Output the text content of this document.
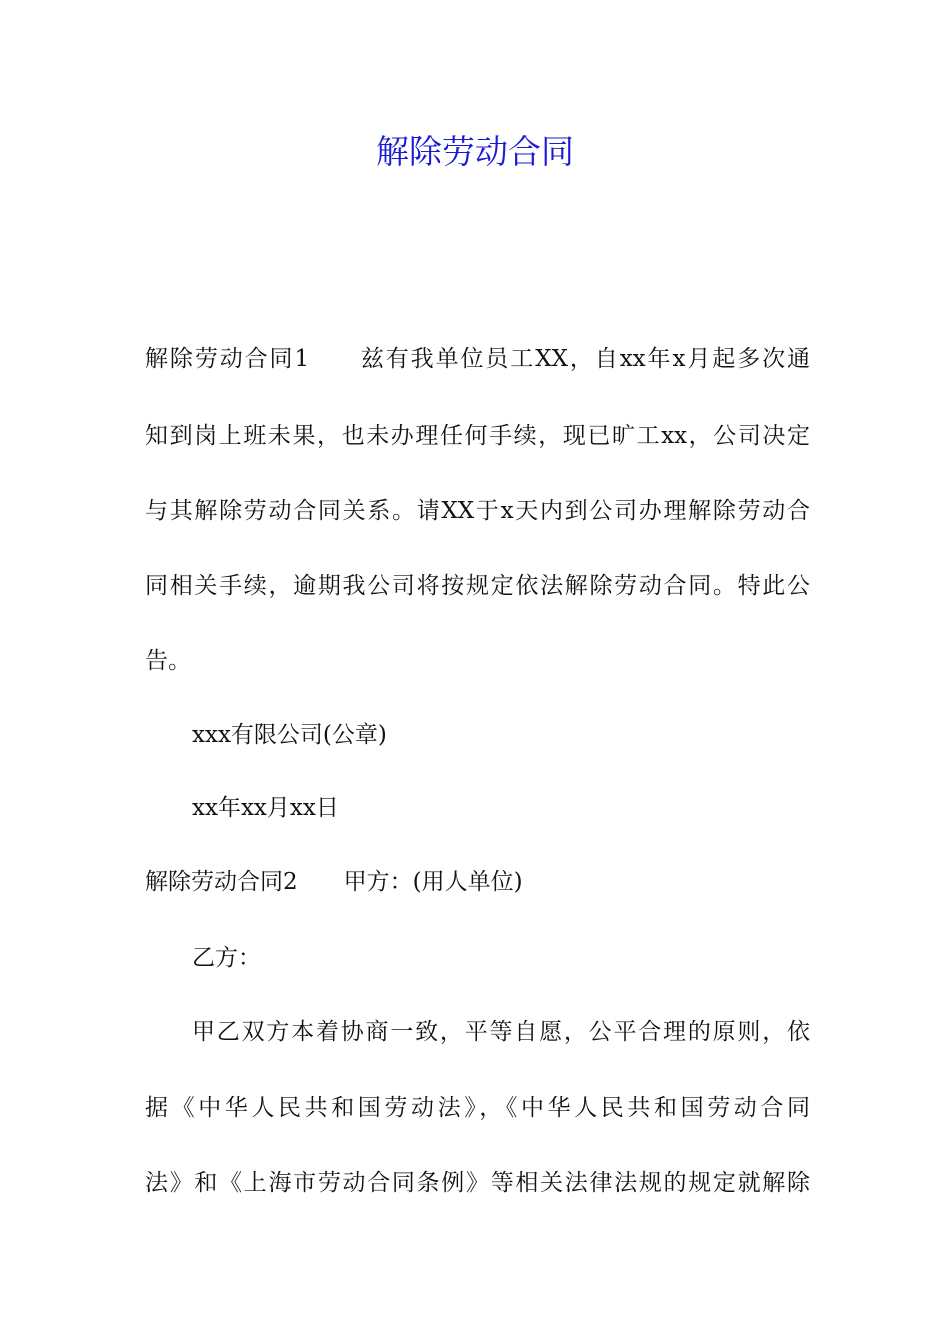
解除劳动合同
解除劳动合同1　　兹有我单位员工XX，自xx年x月起多次通
知到岗上班未果，也未办理任何手续，现已旷工xx，公司决定
与其解除劳动合同关系。请XX于x天内到公司办理解除劳动合
同相关手续，逾期我公司将按规定依法解除劳动合同。特此公
告。
xxx有限公司(公章)
xx年xx月xx日
解除劳动合同2　　甲方：(用人单位)
乙方：
甲乙双方本着协商一致，平等自愿，公平合理的原则，依
据《中华人民共和国劳动法》，《中华人民共和国劳动合同
法》和《上海市劳动合同条例》等相关法律法规的规定就解除
